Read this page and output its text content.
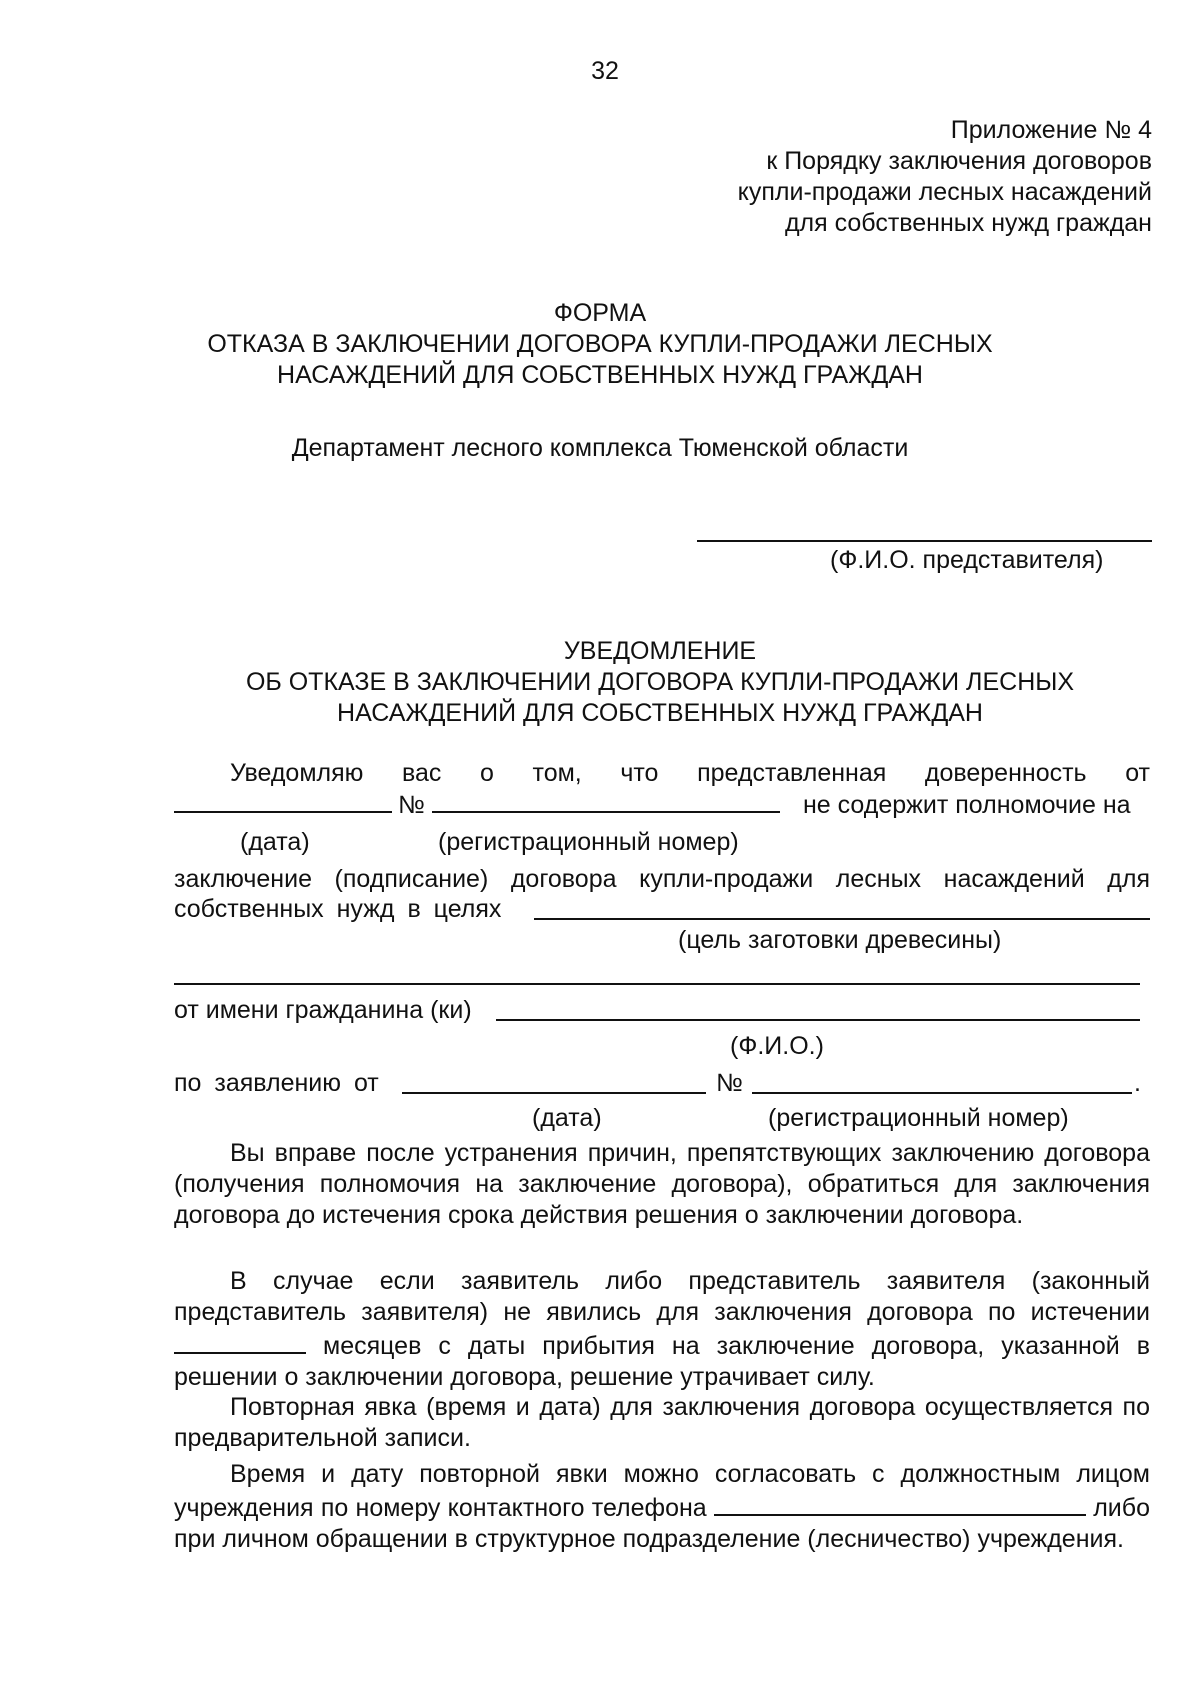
32
Приложение № 4
к Порядку заключения договоров
купли-продажи лесных насаждений
для собственных нужд граждан
ФОРМА
ОТКАЗА В ЗАКЛЮЧЕНИИ ДОГОВОРА КУПЛИ-ПРОДАЖИ ЛЕСНЫХ
НАСАЖДЕНИЙ ДЛЯ СОБСТВЕННЫХ НУЖД ГРАЖДАН
Департамент лесного комплекса Тюменской области
(Ф.И.О. представителя)
УВЕДОМЛЕНИЕ
ОБ ОТКАЗЕ В ЗАКЛЮЧЕНИИ ДОГОВОРА КУПЛИ-ПРОДАЖИ ЛЕСНЫХ
НАСАЖДЕНИЙ ДЛЯ СОБСТВЕННЫХ НУЖД ГРАЖДАН
Уведомляю вас о том, что представленная доверенность от
№	не содержит полномочие на
(дата)	(регистрационный номер)
заключение (подписание) договора купли-продажи лесных насаждений для
собственных нужд в целях
(цель заготовки древесины)
от имени гражданина (ки)
(Ф.И.О.)
по заявлению от	№	.
(дата)	(регистрационный номер)
Вы вправе после устранения причин, препятствующих заключению договора (получения полномочия на заключение договора), обратиться для заключения договора до истечения срока действия решения о заключении договора.
В случае если заявитель либо представитель заявителя (законный представитель заявителя) не явились для заключения договора по истечении  месяцев с даты прибытия на заключение договора, указанной в решении о заключении договора, решение утрачивает силу.
Повторная явка (время и дата) для заключения договора осуществляется по предварительной записи.
Время и дату повторной явки можно согласовать с должностным лицом учреждения по номеру контактного телефона	либо при личном обращении в структурное подразделение (лесничество) учреждения.
